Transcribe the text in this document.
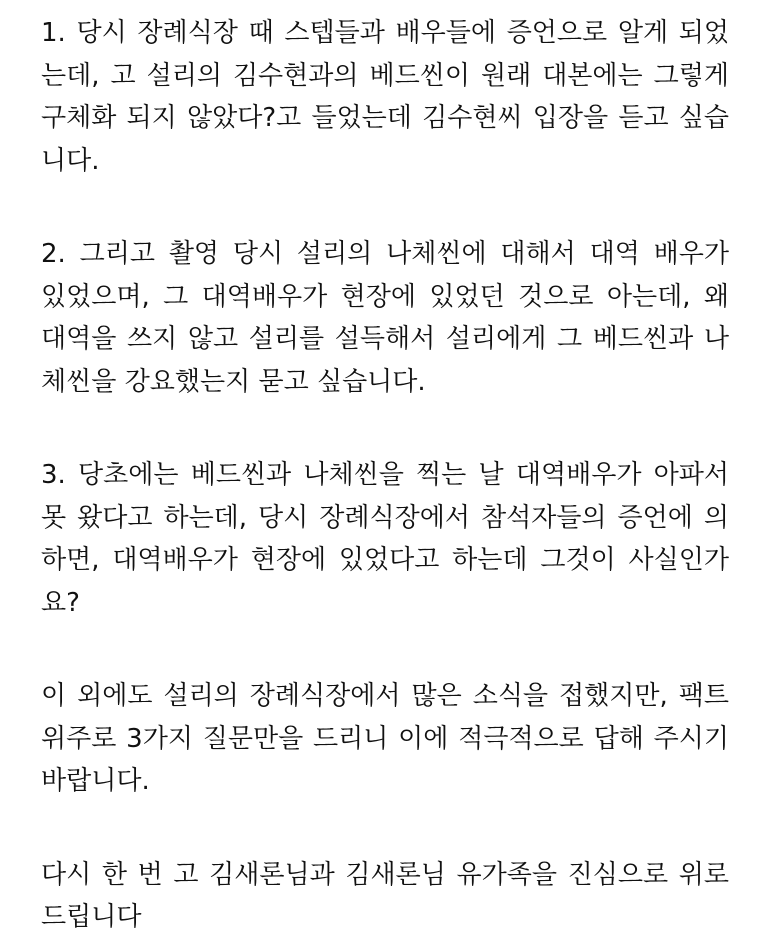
1. 당시 장례식장 때 스텝들과 배우들에 증언으로 알게 되었
는데, 고 설리의 김수현과의 베드씬이 원래 대본에는 그렇게
구체화 되지 않았다?고 들었는데 김수현씨 입장을 듣고 싶습
니다.
2. 그리고 촬영 당시 설리의 나체씬에 대해서 대역 배우가
있었으며, 그 대역배우가 현장에 있었던 것으로 아는데, 왜
대역을 쓰지 않고 설리를 설득해서 설리에게 그 베드씬과 나
체씬을 강요했는지 묻고 싶습니다.
3. 당초에는 베드씬과 나체씬을 찍는 날 대역배우가 아파서
못 왔다고 하는데, 당시 장례식장에서 참석자들의 증언에 의
하면, 대역배우가 현장에 있었다고 하는데 그것이 사실인가
요?
이 외에도 설리의 장례식장에서 많은 소식을 접했지만, 팩트
위주로 3가지 질문만을 드리니 이에 적극적으로 답해 주시기
바랍니다.
다시 한 번 고 김새론님과 김새론님 유가족을 진심으로 위로
드립니다
